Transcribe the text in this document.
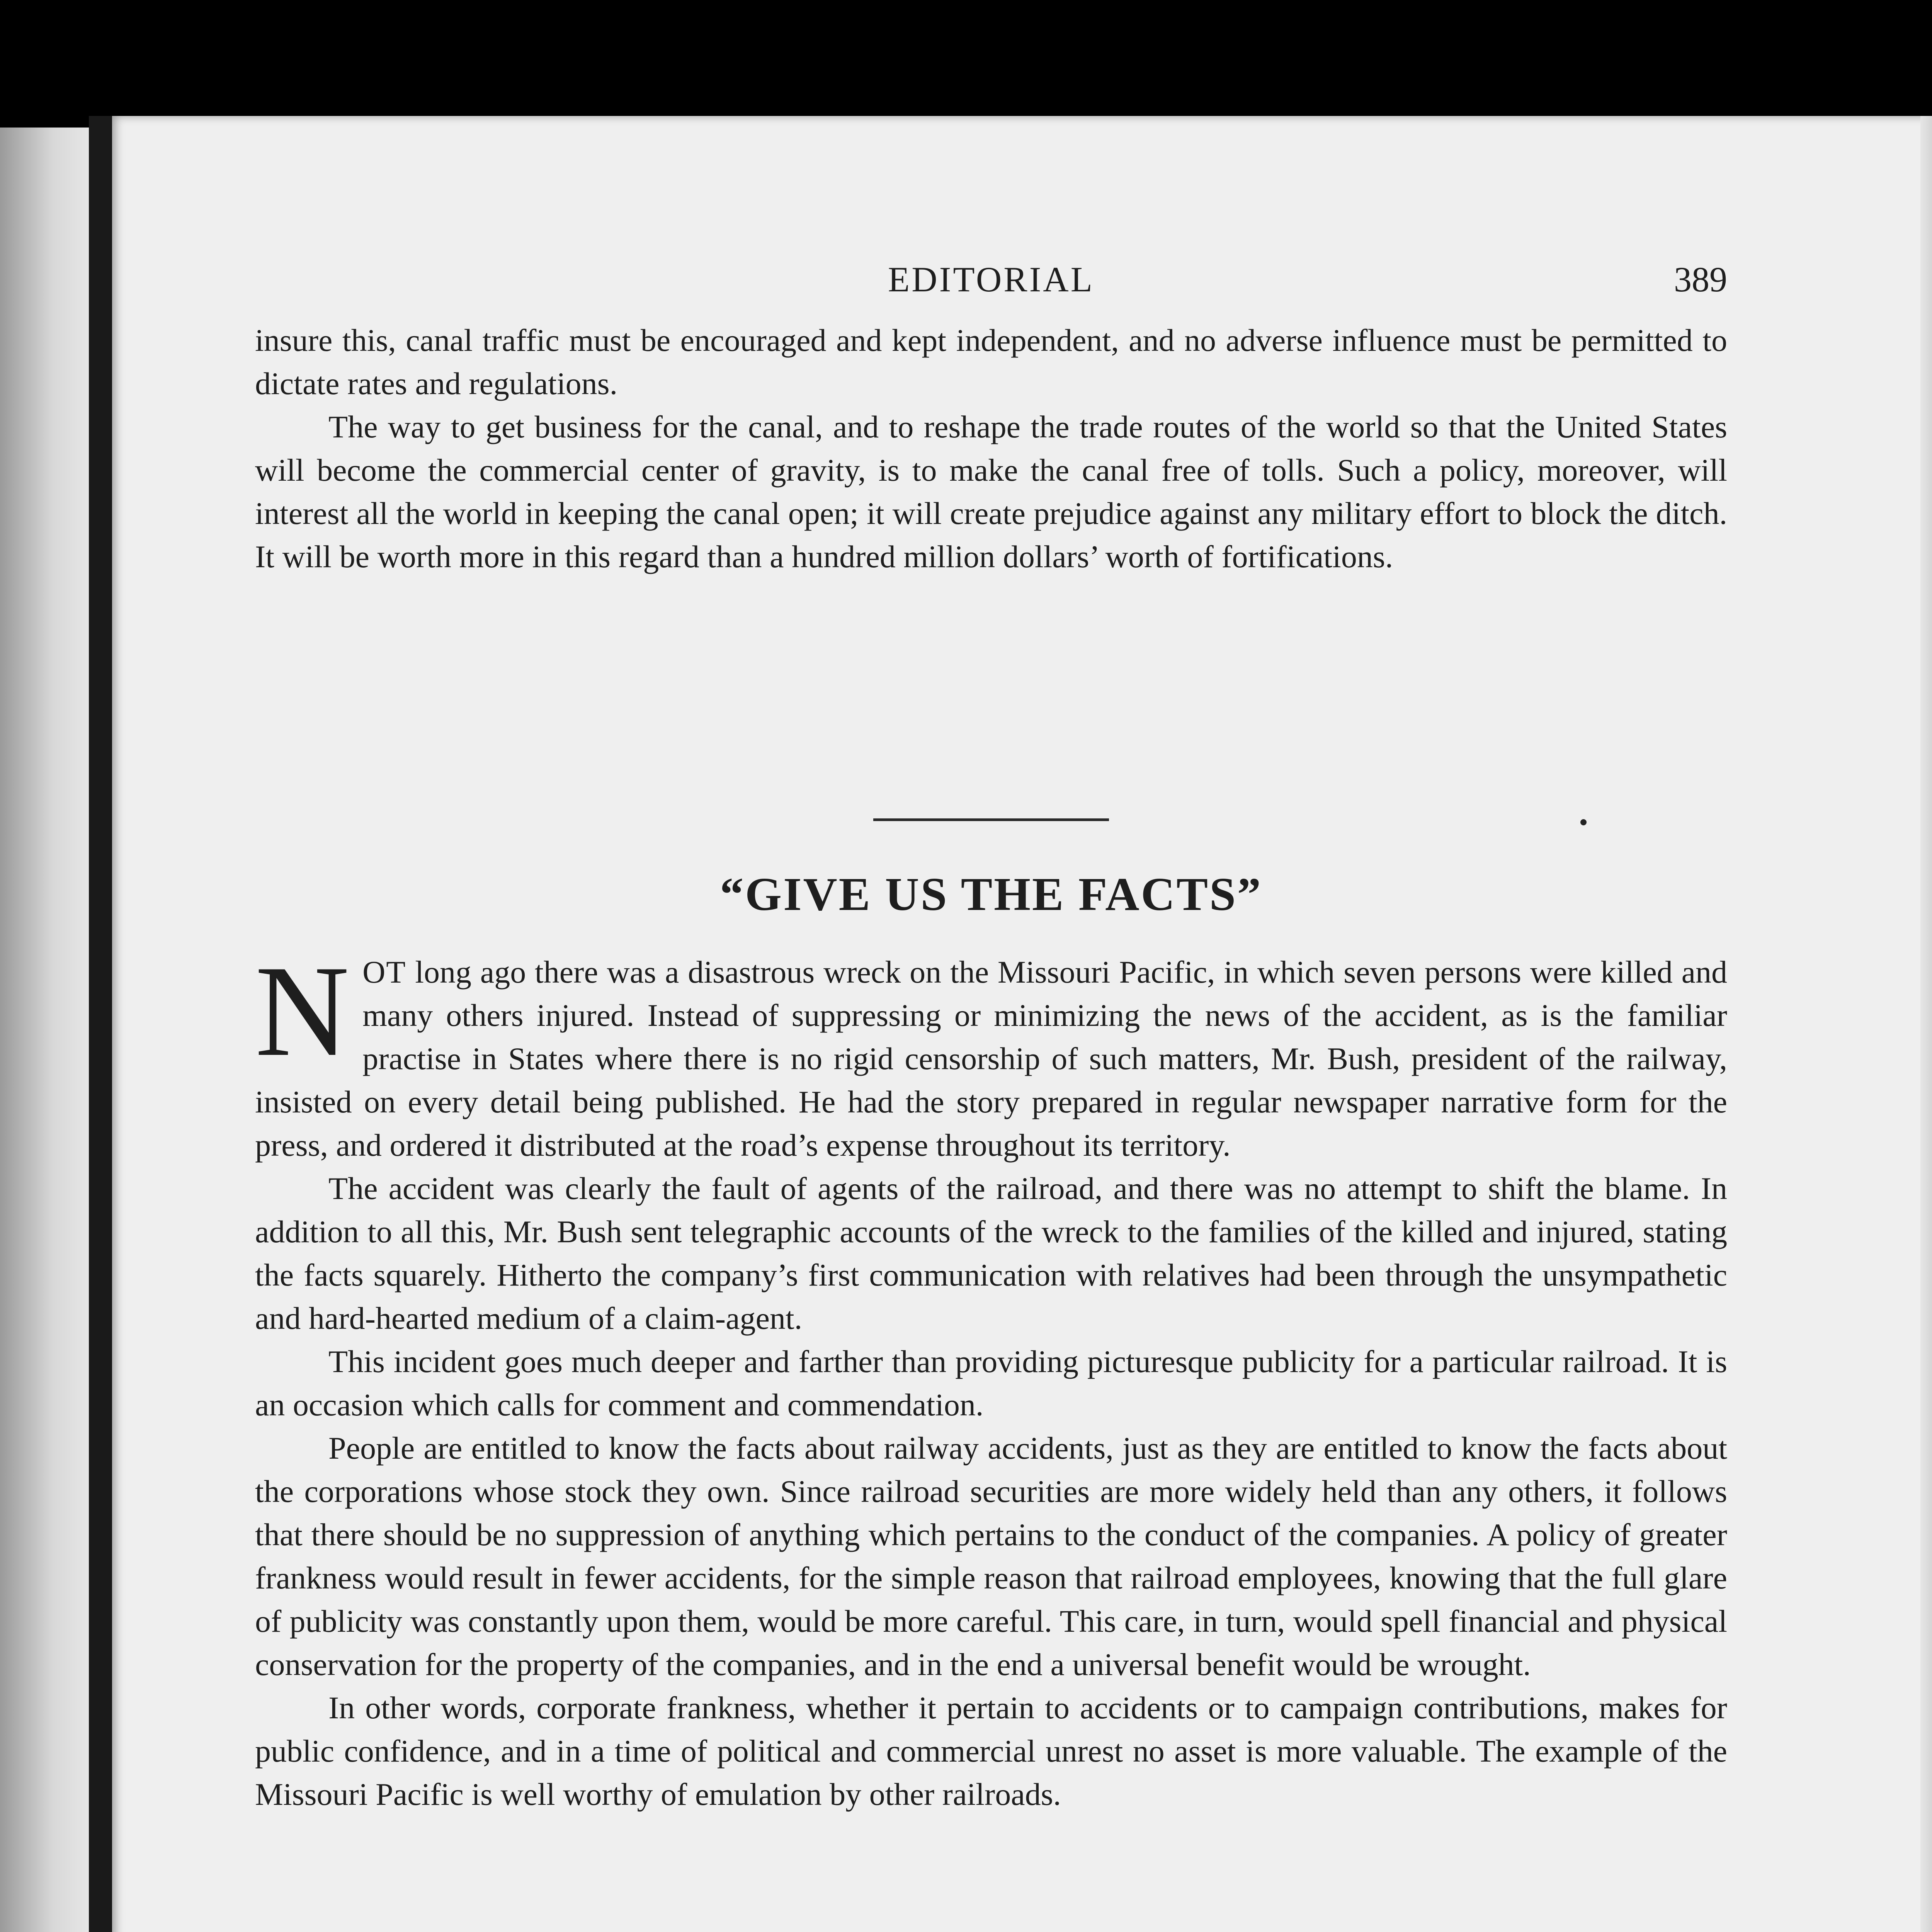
EDITORIAL	389

insure this, canal traffic must be encouraged and kept independent, and no adverse influence must be permitted to dictate rates and regulations.

The way to get business for the canal, and to reshape the trade routes of the world so that the United States will become the commercial center of gravity, is to make the canal free of tolls. Such a policy, moreover, will interest all the world in keeping the canal open; it will create prejudice against any military effort to block the ditch. It will be worth more in this regard than a hundred million dollars’ worth of fortifications.

“GIVE US THE FACTS”

NOT long ago there was a disastrous wreck on the Missouri Pacific, in which seven persons were killed and many others injured. Instead of suppressing or minimizing the news of the accident, as is the familiar practise in States where there is no rigid censorship of such matters, Mr. Bush, president of the railway, insisted on every detail being published. He had the story prepared in regular newspaper narrative form for the press, and ordered it distributed at the road’s expense throughout its territory.

The accident was clearly the fault of agents of the railroad, and there was no attempt to shift the blame. In addition to all this, Mr. Bush sent telegraphic accounts of the wreck to the families of the killed and injured, stating the facts squarely. Hitherto the company’s first communication with relatives had been through the unsympathetic and hard-hearted medium of a claim-agent.

This incident goes much deeper and farther than providing picturesque publicity for a particular railroad. It is an occasion which calls for comment and commendation.

People are entitled to know the facts about railway accidents, just as they are entitled to know the facts about the corporations whose stock they own. Since railroad securities are more widely held than any others, it follows that there should be no suppression of anything which pertains to the conduct of the companies. A policy of greater frankness would result in fewer accidents, for the simple reason that railroad employees, knowing that the full glare of publicity was constantly upon them, would be more careful. This care, in turn, would spell financial and physical conservation for the property of the companies, and in the end a universal benefit would be wrought.

In other words, corporate frankness, whether it pertain to accidents or to campaign contributions, makes for public confidence, and in a time of political and commercial unrest no asset is more valuable. The example of the Missouri Pacific is well worthy of emulation by other railroads.
